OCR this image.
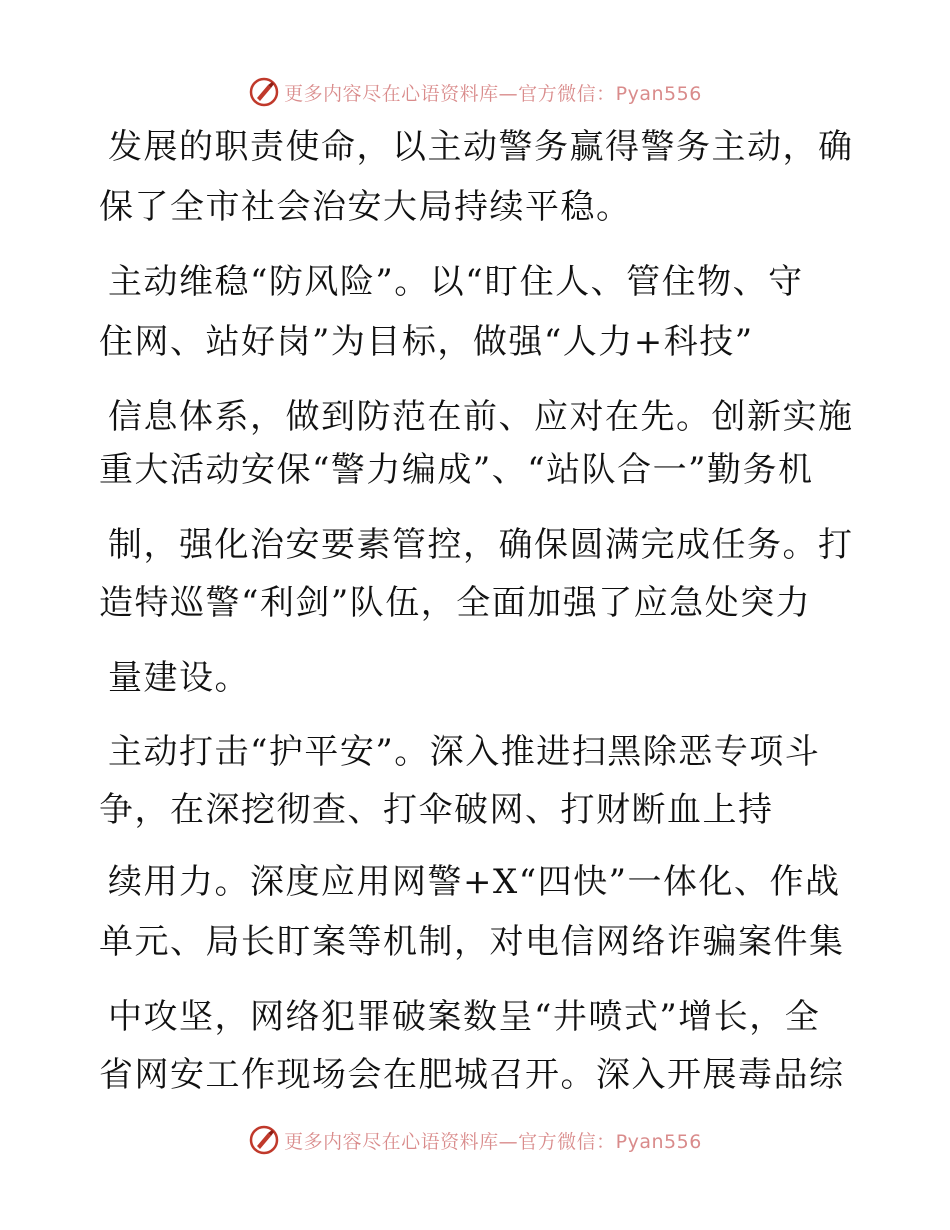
更多内容尽在心语资料库—官方微信：Pyan556
发展的职责使命，以主动警务赢得警务主动，确
保了全市社会治安大局持续平稳。
主动维稳“防风险”。以“盯住人、管住物、守
住网、站好岗”为目标，做强“人力+科技”
信息体系，做到防范在前、应对在先。创新实施
重大活动安保“警力编成”、“站队合一”勤务机
制，强化治安要素管控，确保圆满完成任务。打
造特巡警“利剑”队伍，全面加强了应急处突力
量建设。
主动打击“护平安”。深入推进扫黑除恶专项斗
争，在深挖彻查、打伞破网、打财断血上持
续用力。深度应用网警+X“四快”一体化、作战
单元、局长盯案等机制，对电信网络诈骗案件集
中攻坚，网络犯罪破案数呈“井喷式”增长，全
省网安工作现场会在肥城召开。深入开展毒品综
更多内容尽在心语资料库—官方微信：Pyan556
